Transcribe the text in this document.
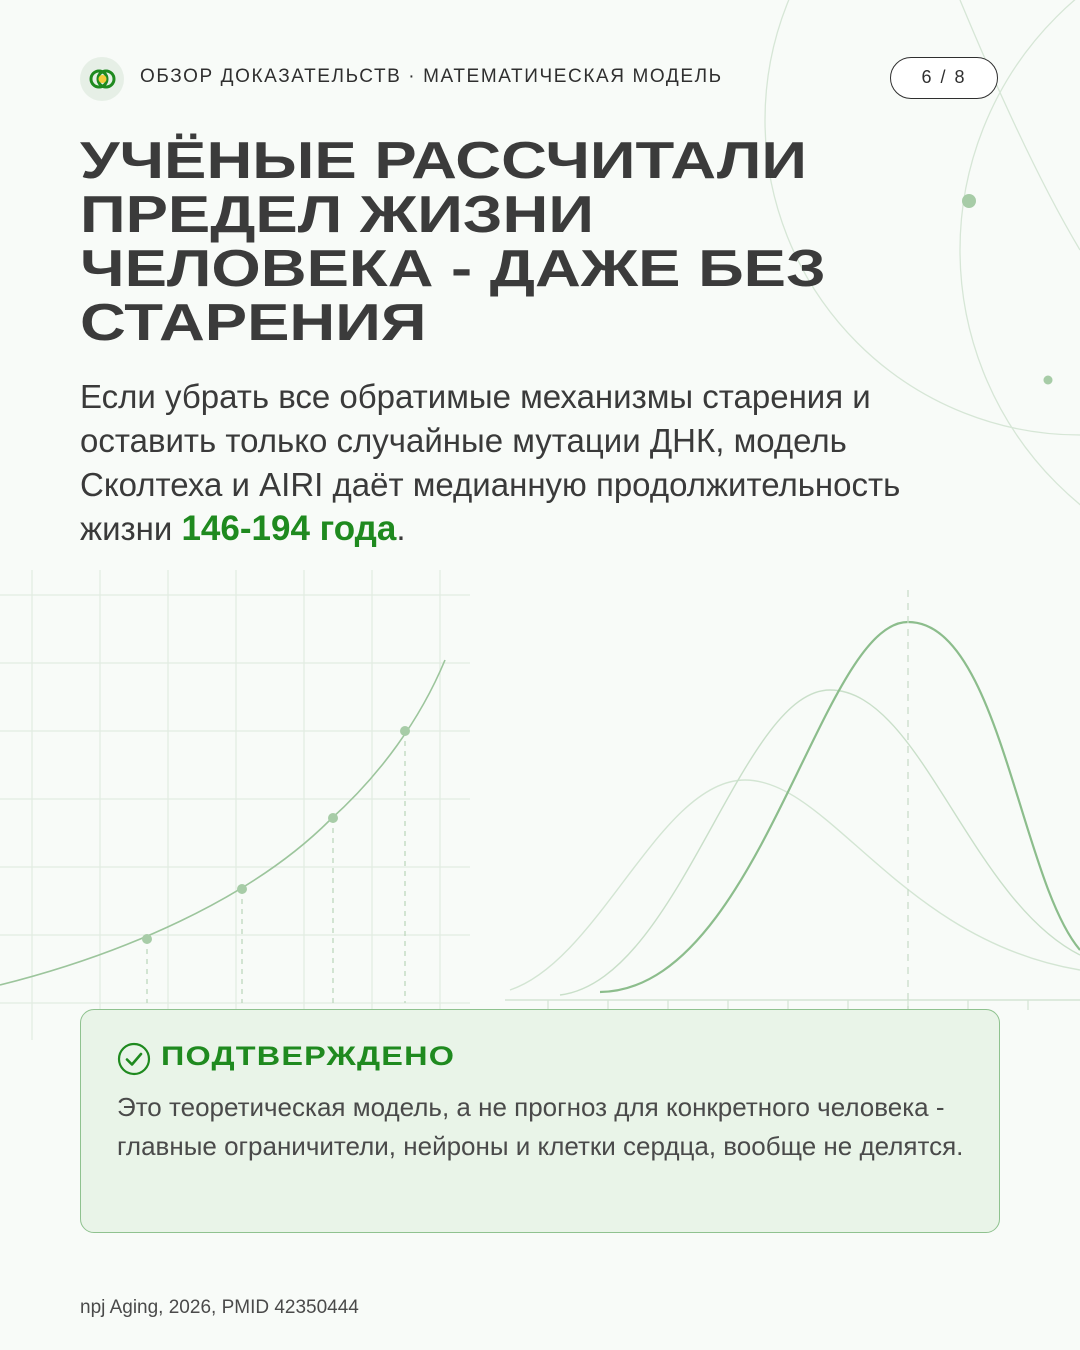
ОБЗОР ДОКАЗАТЕЛЬСТВ · МАТЕМАТИЧЕСКАЯ МОДЕЛЬ	6 / 8
УЧЁНЫЕ РАССЧИТАЛИ ПРЕДЕЛ ЖИЗНИ ЧЕЛОВЕКА - ДАЖЕ БЕЗ СТАРЕНИЯ

Если убрать все обратимые механизмы старения и оставить только случайные мутации ДНК, модель Сколтеха и AIRI даёт медианную продолжительность жизни 146-194 года.

ПОДТВЕРЖДЕНО

Это теоретическая модель, а не прогноз для конкретного человека - главные ограничители, нейроны и клетки сердца, вообще не делятся.

npj Aging, 2026, PMID 42350444
